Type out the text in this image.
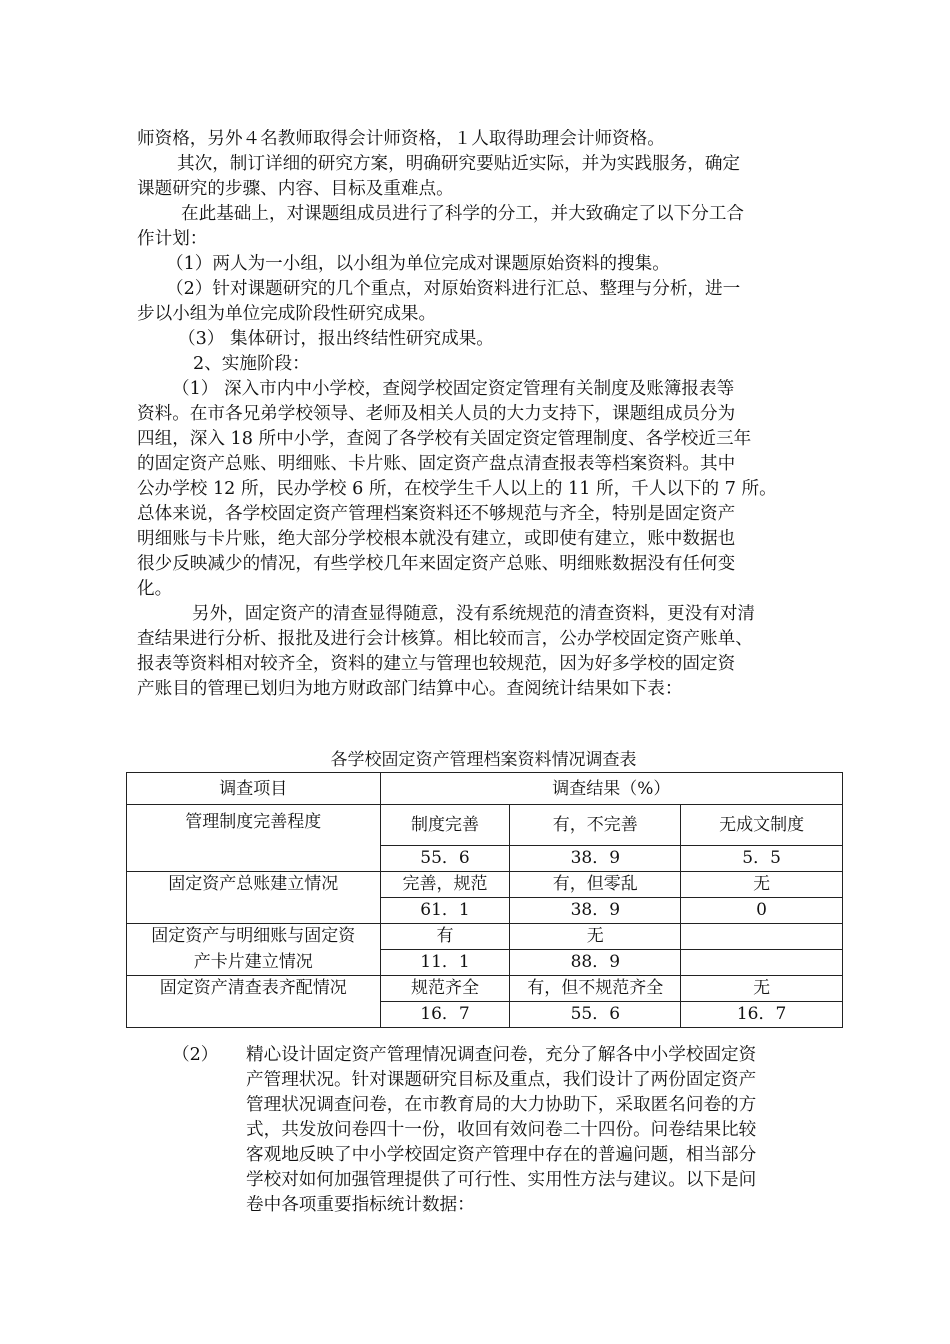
师资格，另外４名教师取得会计师资格，１人取得助理会计师资格。
其次，制订详细的研究方案，明确研究要贴近实际，并为实践服务，确定
课题研究的步骤、内容、目标及重难点。
在此基础上，对课题组成员进行了科学的分工，并大致确定了以下分工合
作计划：
（1）两人为一小组，以小组为单位完成对课题原始资料的搜集。
（2）针对课题研究的几个重点，对原始资料进行汇总、整理与分析，进一
步以小组为单位完成阶段性研究成果。
（3） 集体研讨，报出终结性研究成果。
2、实施阶段：
（1） 深入市内中小学校，查阅学校固定资定管理有关制度及账簿报表等
资料。在市各兄弟学校领导、老师及相关人员的大力支持下，课题组成员分为
四组，深入 18 所中小学，查阅了各学校有关固定资定管理制度、各学校近三年
的固定资产总账、明细账、卡片账、固定资产盘点清查报表等档案资料。其中
公办学校 12 所，民办学校 6 所，在校学生千人以上的 11 所，千人以下的 7 所。
总体来说，各学校固定资产管理档案资料还不够规范与齐全，特别是固定资产
明细账与卡片账，绝大部分学校根本就没有建立，或即使有建立，账中数据也
很少反映减少的情况，有些学校几年来固定资产总账、明细账数据没有任何变
化。
另外，固定资产的清查显得随意，没有系统规范的清查资料，更没有对清
查结果进行分析、报批及进行会计核算。相比较而言，公办学校固定资产账单、
报表等资料相对较齐全，资料的建立与管理也较规范，因为好多学校的固定资
产账目的管理已划归为地方财政部门结算中心。查阅统计结果如下表：
各学校固定资产管理档案资料情况调查表
调查项目	调查结果（%）		
管理制度完善程度	制度完善	有，不完善	无成文制度
	55．6	38．9	5．5
固定资产总账建立情况	完善，规范	有，但零乱	无
	61．1	38．9	0
固定资产与明细账与固定资	有	无	
产卡片建立情况	11．1	88．9	
固定资产清查表齐配情况	规范齐全	有，但不规范齐全	无
	16．7	55．6	16．7
（2） 精心设计固定资产管理情况调查问卷，充分了解各中小学校固定资
产管理状况。针对课题研究目标及重点，我们设计了两份固定资产
管理状况调查问卷，在市教育局的大力协助下，采取匿名问卷的方
式，共发放问卷四十一份，收回有效问卷二十四份。问卷结果比较
客观地反映了中小学校固定资产管理中存在的普遍问题，相当部分
学校对如何加强管理提供了可行性、实用性方法与建议。以下是问
卷中各项重要指标统计数据：
